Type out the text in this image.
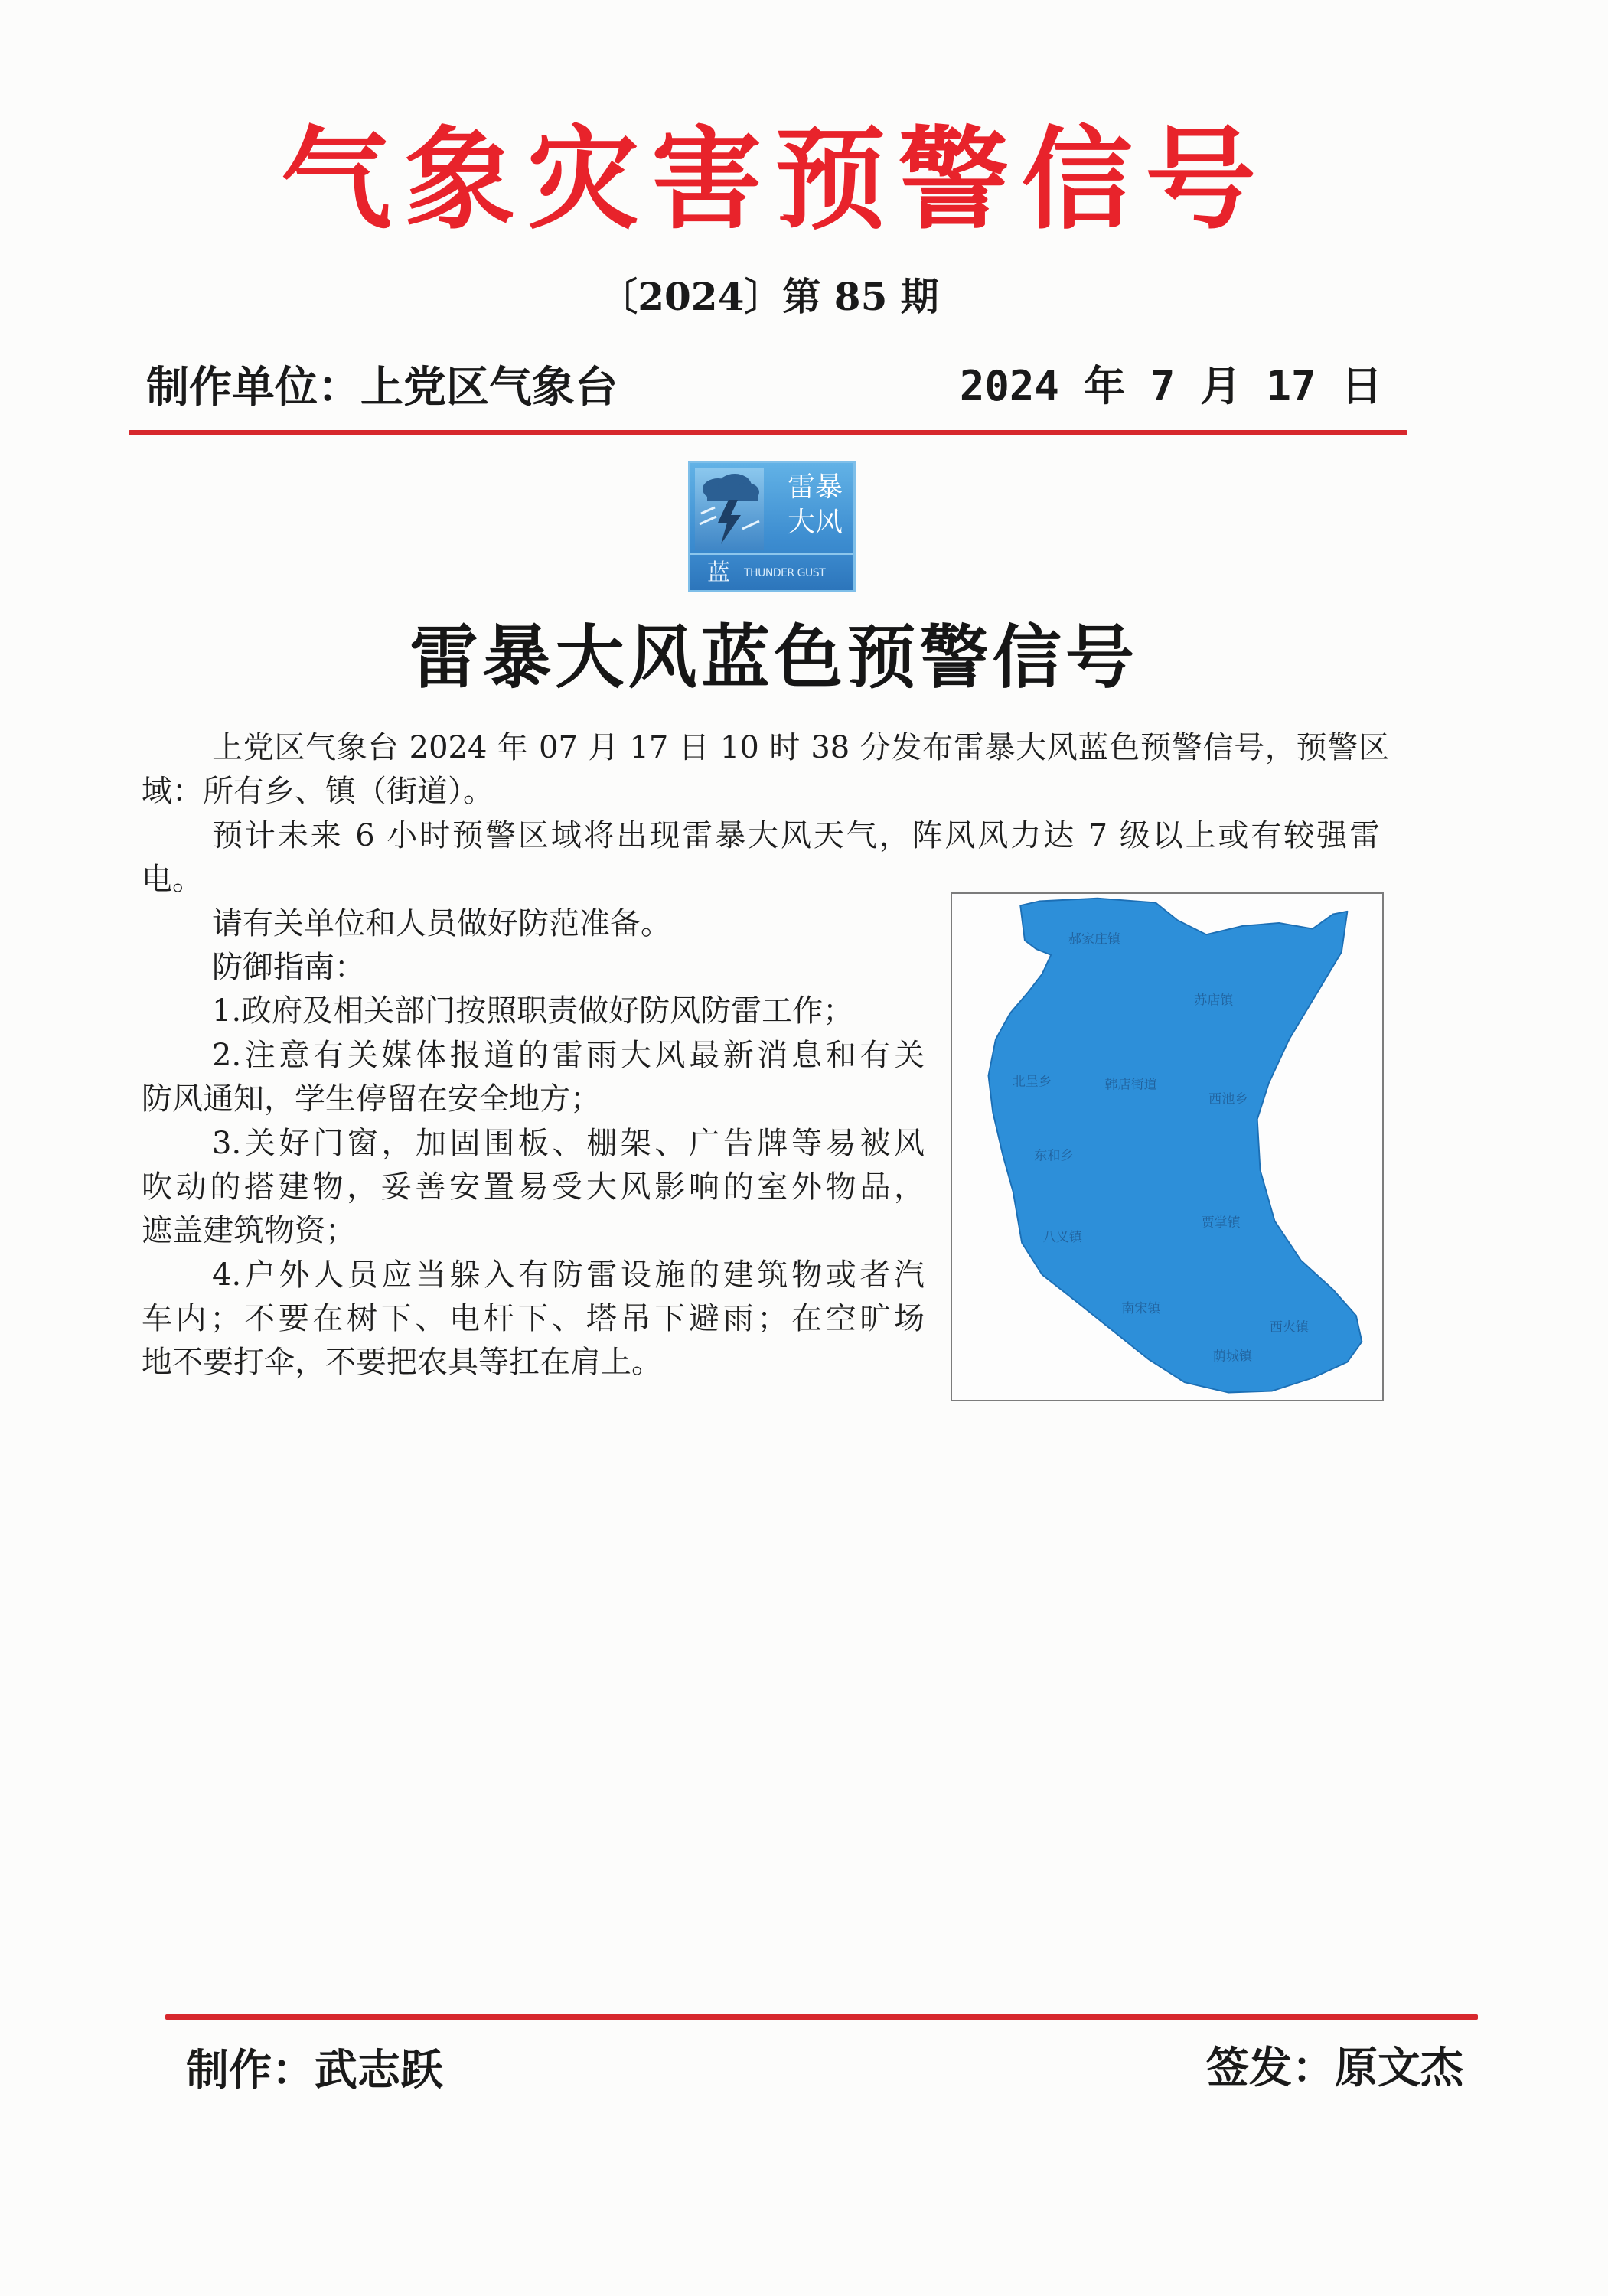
气象灾害预警信号
〔2024〕第 85 期
制作单位：上党区气象台	2024 年 7 月 17 日
雷暴
大风
蓝 THUNDER GUST
雷暴大风蓝色预警信号
上党区气象台 2024 年 07 月 17 日 10 时 38 分发布雷暴大风蓝色预警信号，预警区
域：所有乡、镇（街道）。
预计未来 6 小时预警区域将出现雷暴大风天气，阵风风力达 7 级以上或有较强雷
电。
请有关单位和人员做好防范准备。
防御指南：
1.政府及相关部门按照职责做好防风防雷工作；
2.注意有关媒体报道的雷雨大风最新消息和有关
防风通知，学生停留在安全地方；
3.关好门窗，加固围板、棚架、广告牌等易被风
吹动的搭建物，妥善安置易受大风影响的室外物品，
遮盖建筑物资；
4.户外人员应当躲入有防雷设施的建筑物或者汽
车内；不要在树下、电杆下、塔吊下避雨；在空旷场
地不要打伞，不要把农具等扛在肩上。
郝家庄镇
苏店镇
北呈乡	韩店街道
西池乡
东和乡
八义镇
贾掌镇
南宋镇
西火镇
荫城镇
制作：武志跃	签发：原文杰
